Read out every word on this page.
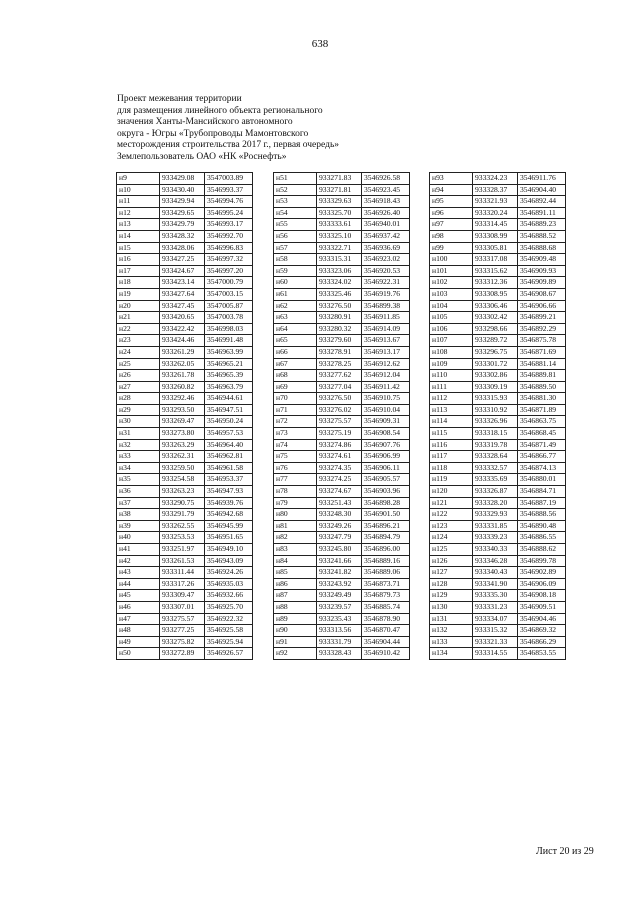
638
Проект межевания территории
для размещения линейного объекта регионального
значения Ханты-Мансийского автономного
округа - Югры «Трубопроводы Мамонтовского
месторождения строительства 2017 г., первая очередь»
Землепользователь ОАО «НК «Роснефть»
н9	933429.08	3547003.89
н10	933430.40	3546993.37
н11	933429.94	3546994.76
н12	933429.65	3546995.24
н13	933429.79	3546993.17
н14	933428.32	3546992.70
н15	933428.06	3546996.83
н16	933427.25	3546997.32
н17	933424.67	3546997.20
н18	933423.14	3547000.79
н19	933427.64	3547003.15
н20	933427.45	3547005.87
н21	933420.65	3547003.78
н22	933422.42	3546998.03
н23	933424.46	3546991.48
н24	933261.29	3546963.99
н25	933262.05	3546965.21
н26	933261.78	3546965.39
н27	933260.82	3546963.79
н28	933292.46	3546944.61
н29	933293.50	3546947.51
н30	933269.47	3546950.24
н31	933273.80	3546957.53
н32	933263.29	3546964.40
н33	933262.31	3546962.81
н34	933259.50	3546961.58
н35	933254.58	3546953.37
н36	933263.23	3546947.93
н37	933290.75	3546939.76
н38	933291.79	3546942.68
н39	933262.55	3546945.99
н40	933253.53	3546951.65
н41	933251.97	3546949.10
н42	933261.53	3546943.09
н43	933311.44	3546924.26
н44	933317.26	3546935.03
н45	933309.47	3546932.66
н46	933307.01	3546925.70
н47	933275.57	3546922.32
н48	933277.25	3546925.58
н49	933275.82	3546925.94
н50	933272.89	3546926.57
н51	933271.83	3546926.58
н52	933271.81	3546923.45
н53	933329.63	3546918.43
н54	933325.70	3546926.40
н55	933333.61	3546940.01
н56	933325.10	3546937.42
н57	933322.71	3546936.69
н58	933315.31	3546923.02
н59	933323.06	3546920.53
н60	933324.02	3546922.31
н61	933325.46	3546919.76
н62	933276.50	3546899.38
н63	933280.91	3546911.85
н64	933280.32	3546914.09
н65	933279.60	3546913.67
н66	933278.91	3546913.17
н67	933278.25	3546912.62
н68	933277.62	3546912.04
н69	933277.04	3546911.42
н70	933276.50	3546910.75
н71	933276.02	3546910.04
н72	933275.57	3546909.31
н73	933275.19	3546908.54
н74	933274.86	3546907.76
н75	933274.61	3546906.99
н76	933274.35	3546906.11
н77	933274.25	3546905.57
н78	933274.67	3546903.96
н79	933251.43	3546898.28
н80	933248.30	3546901.50
н81	933249.26	3546896.21
н82	933247.79	3546894.79
н83	933245.80	3546896.00
н84	933241.66	3546889.16
н85	933241.82	3546889.06
н86	933243.92	3546873.71
н87	933249.49	3546879.73
н88	933239.57	3546885.74
н89	933235.43	3546878.90
н90	933313.56	3546870.47
н91	933331.79	3546904.44
н92	933328.43	3546910.42
н93	933324.23	3546911.76
н94	933328.37	3546904.40
н95	933321.93	3546892.44
н96	933320.24	3546891.11
н97	933314.45	3546889.23
н98	933308.99	3546888.52
н99	933305.81	3546888.68
н100	933317.08	3546909.48
н101	933315.62	3546909.93
н102	933312.36	3546909.89
н103	933308.95	3546908.67
н104	933306.46	3546906.66
н105	933302.42	3546899.21
н106	933298.66	3546892.29
н107	933289.72	3546875.78
н108	933296.75	3546871.69
н109	933301.72	3546881.14
н110	933302.86	3546889.81
н111	933309.19	3546889.50
н112	933315.93	3546881.30
н113	933310.92	3546871.89
н114	933326.96	3546863.75
н115	933318.15	3546868.45
н116	933319.78	3546871.49
н117	933328.64	3546866.77
н118	933332.57	3546874.13
н119	933335.69	3546880.01
н120	933326.87	3546884.71
н121	933328.20	3546887.19
н122	933329.93	3546888.56
н123	933331.85	3546890.48
н124	933339.23	3546886.55
н125	933340.33	3546888.62
н126	933346.28	3546899.78
н127	933340.43	3546902.89
н128	933341.90	3546906.09
н129	933335.30	3546908.18
н130	933331.23	3546909.51
н131	933334.07	3546904.46
н132	933315.32	3546869.32
н133	933321.33	3546866.29
н134	933314.55	3546853.55
Лист 20 из 29
